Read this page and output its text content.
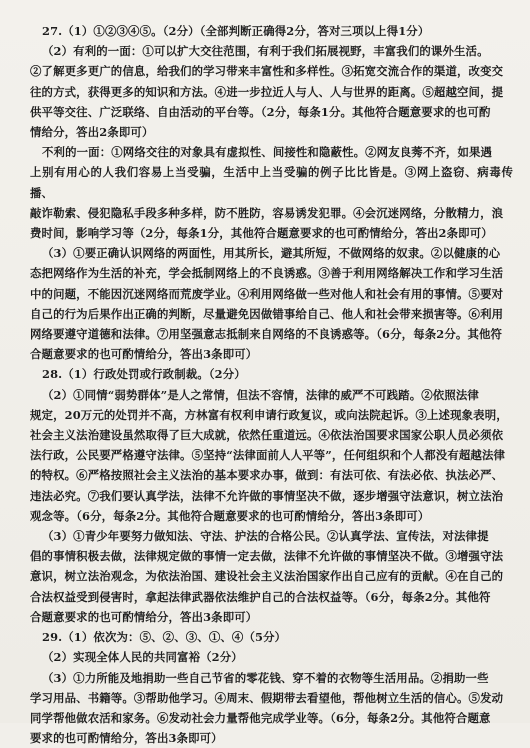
27.（1）①②③④⑤。（2分）（全部判断正确得2分，答对三项以上得1分）

（2）有利的一面：①可以扩大交往范围，有利于我们拓展视野，丰富我们的课外生活。

②了解更多更广的信息，给我们的学习带来丰富性和多样性。③拓宽交流合作的渠道，改变交

往的方式，获得更多的知识和方法。④进一步拉近人与人、人与世界的距离。⑤超越空间，提

供平等交往、广泛联络、自由活动的平台等。（2分，每条1分。其他符合题意要求的也可酌

情给分，答出2条即可）

不利的一面：①网络交往的对象具有虚拟性、间接性和隐蔽性。②网友良莠不齐，如果遇

上别有用心的人我们容易上当受骗，生活中上当受骗的例子比比皆是。③网上盗窃、病毒传播、

敲诈勒索、侵犯隐私手段多种多样，防不胜防，容易诱发犯罪。④会沉迷网络，分散精力，浪

费时间，影响学习等（2分，每条1分，其他符合题意要求的也可酌情给分，答出2条即可）

（3）①要正确认识网络的两面性，用其所长，避其所短，不做网络的奴隶。②以健康的心

态把网络作为生活的补充，学会抵制网络上的不良诱惑。③善于利用网络解决工作和学习生活

中的问题，不能因沉迷网络而荒废学业。④利用网络做一些对他人和社会有用的事情。⑤要对

自己的行为后果作出正确的判断，尽量避免因做错事给自己、他人和社会带来损害等。⑥利用

网络要遵守道德和法律。⑦用坚强意志抵制来自网络的不良诱惑等。（6分，每条2分。其他符

合题意要求的也可酌情给分，答出3条即可）

28.（1）行政处罚或行政制裁。（2分）

（2）①同情“弱势群体”是人之常情，但法不容情，法律的威严不可践踏。②依照法律

规定，20万元的处罚并不高，方林富有权利申请行政复议，或向法院起诉。③上述现象表明，

社会主义法治建设虽然取得了巨大成就，依然任重道远。④依法治国要求国家公职人员必须依

法行政，公民要严格遵守法律。⑤坚持“法律面前人人平等”，任何组织和个人都没有超越法律

的特权。⑥严格按照社会主义法治的基本要求办事，做到：有法可依、有法必依、执法必严、

违法必究。⑦我们要认真学法，法律不允许做的事情坚决不做，逐步增强守法意识，树立法治

观念等。（6分，每条2分。其他符合题意要求的也可酌情给分，答出3条即可）

（3）①青少年要努力做知法、守法、护法的合格公民。②认真学法、宣传法，对法律提

倡的事情积极去做，法律规定做的事情一定去做，法律不允许做的事情坚决不做。③增强守法

意识，树立法治观念，为依法治国、建设社会主义法治国家作出自己应有的贡献。④在自己的

合法权益受到侵害时，拿起法律武器依法维护自己的合法权益等。（6分，每条2分。其他符

合题意要求的也可酌情给分，答出3条即可）

29.（1）依次为：⑤、②、③、①、④（5分）

（2）实现全体人民的共同富裕（2分）

（3）①力所能及地捐助一些自己节省的零花钱、穿不着的衣物等生活用品。②捐助一些

学习用品、书籍等。③帮助他学习。④周末、假期带去看望他，帮他树立生活的信心。⑤发动

同学帮他做农活和家务。⑥发动社会力量帮他完成学业等。（6分，每条2分。其他符合题意

要求的也可酌情给分，答出3条即可）
